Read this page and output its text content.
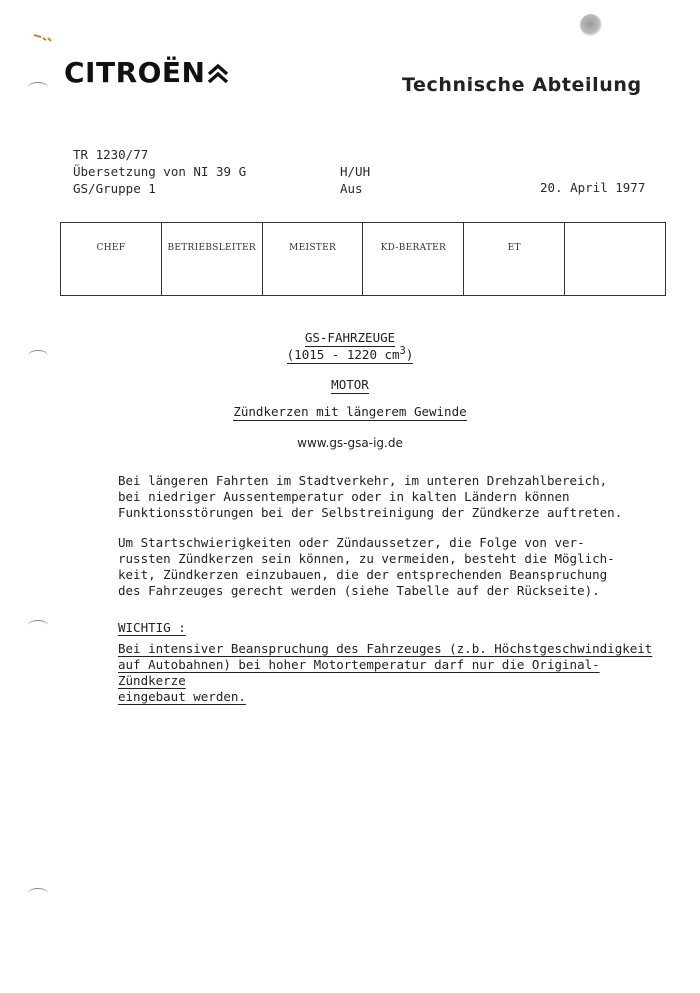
CITROËN	Technische Abteilung
TR 1230/77
Übersetzung von NI 39 G
GS/Gruppe 1
H/UH
Aus	20. April 1977
CHEF	BETRIEBSLEITER	MEISTER	KD-BERATER	ET	
GS-FAHRZEUGE
(1015 - 1220 $cm^3$)
MOTOR
Zündkerzen mit längerem Gewinde
www.gs-gsa-ig.de
Bei längeren Fahrten im Stadtverkehr, im unteren Drehzahlbereich,
bei niedriger Aussentemperatur oder in kalten Ländern können
Funktionsstörungen bei der Selbstreinigung der Zündkerze auftreten.
Um Startschwierigkeiten oder Zündaussetzer, die Folge von ver-
russten Zündkerzen sein können, zu vermeiden, besteht die Möglich-
keit, Zündkerzen einzubauen, die der entsprechenden Beanspruchung
des Fahrzeuges gerecht werden (siehe Tabelle auf der Rückseite).
WICHTIG :
Bei intensiver Beanspruchung des Fahrzeuges (z.b. Höchstgeschwindigkeit
auf Autobahnen) bei hoher Motortemperatur darf nur die Original-Zündkerze
eingebaut werden.
